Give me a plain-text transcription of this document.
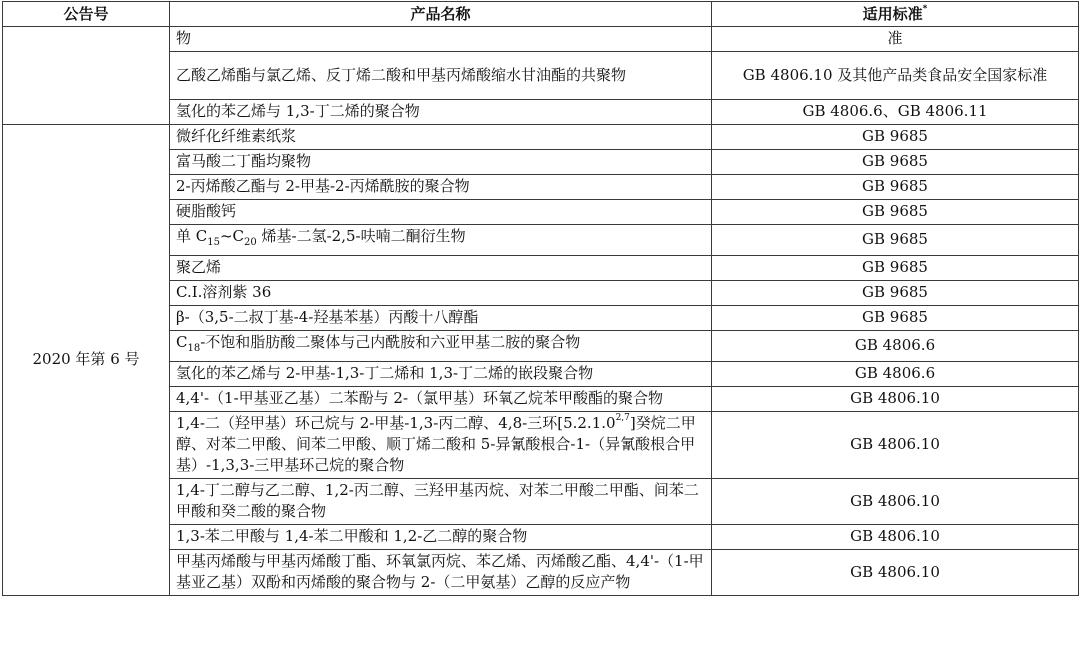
公告号	产品名称	适用标准*
	物	准
	乙酸乙烯酯与氯乙烯、反丁烯二酸和甲基丙烯酸缩水甘油酯的共聚物	GB 4806.10 及其他产品类食品安全国家标准
	氢化的苯乙烯与 1,3-丁二烯的聚合物	GB 4806.6、GB 4806.11
2020 年第 6 号	微纤化纤维素纸浆	GB 9685
	富马酸二丁酯均聚物	GB 9685
	2-丙烯酸乙酯与 2-甲基-2-丙烯酰胺的聚合物	GB 9685
	硬脂酸钙	GB 9685
	单 $C_{15}\sim C_{20}$ 烯基-二氢-2,5-呋喃二酮衍生物	GB 9685
	聚乙烯	GB 9685
	C.I.溶剂紫 36	GB 9685
	β-（3,5-二叔丁基-4-羟基苯基）丙酸十八醇酯	GB 9685
	$C_{18}-$不饱和脂肪酸二聚体与己内酰胺和六亚甲基二胺的聚合物	GB 4806.6
	氢化的苯乙烯与 2-甲基-1,3-丁二烯和 1,3-丁二烯的嵌段聚合物	GB 4806.6
	4,4'-（1-甲基亚乙基）二苯酚与 2-（氯甲基）环氧乙烷苯甲酸酯的聚合物	GB 4806.10
	1,4-二（羟甲基）环己烷与 2-甲基-1,3-丙二醇、4,8-三环[5.2.1.0$^{2,7}$]癸烷二甲醇、对苯二甲酸、间苯二甲酸、顺丁烯二酸和 5-异氰酸根合-1-（异氰酸根合甲基）-1,3,3-三甲基环己烷的聚合物	GB 4806.10
	1,4-丁二醇与乙二醇、1,2-丙二醇、三羟甲基丙烷、对苯二甲酸二甲酯、间苯二甲酸和癸二酸的聚合物	GB 4806.10
	1,3-苯二甲酸与 1,4-苯二甲酸和 1,2-乙二醇的聚合物	GB 4806.10
	甲基丙烯酸与甲基丙烯酸丁酯、环氧氯丙烷、苯乙烯、丙烯酸乙酯、4,4'-（1-甲基亚乙基）双酚和丙烯酸的聚合物与 2-（二甲氨基）乙醇的反应产物	GB 4806.10
